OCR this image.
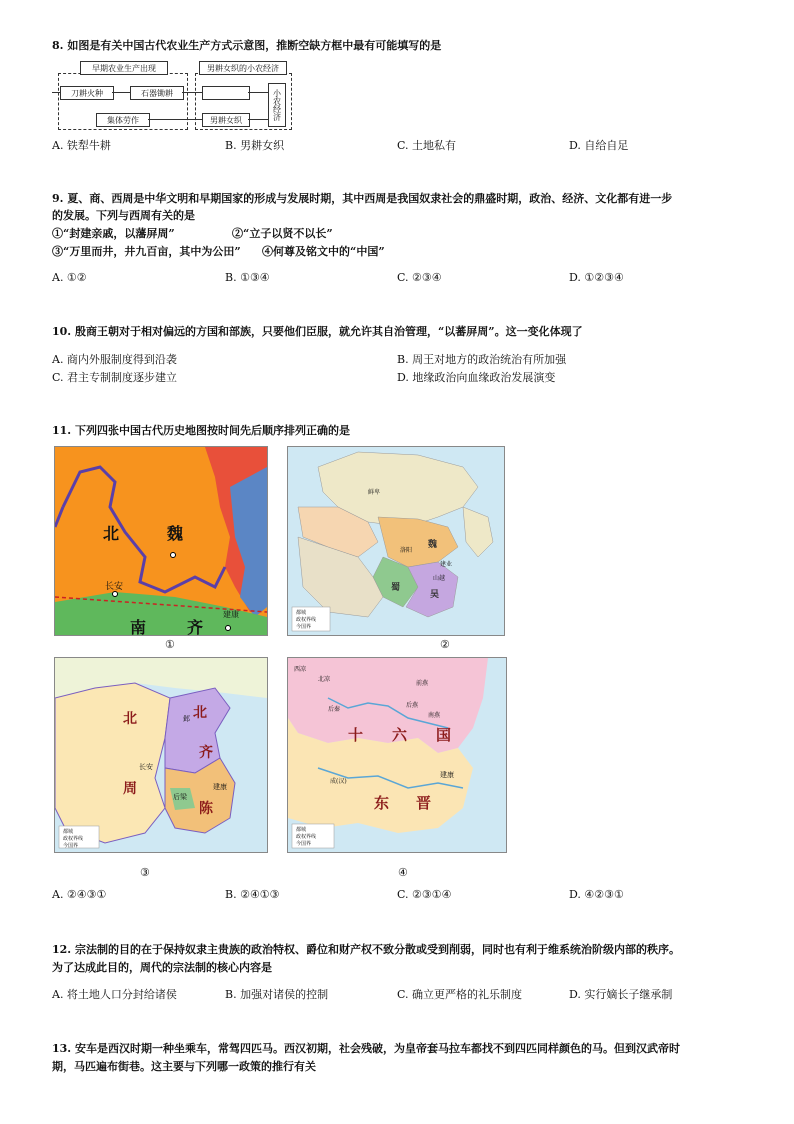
8. 如图是有关中国古代农业生产方式示意图，推断空缺方框中最有可能填写的是
早期农业生产出现
刀耕火种	石器锄耕
集体劳作
男耕女织的小农经济
男耕女织	小农经济
A. 铁犁牛耕	B. 男耕女织	C. 土地私有	D. 自给自足
9. 夏、商、西周是中华文明和早期国家的形成与发展时期，其中西周是我国奴隶社会的鼎盛时期，政治、经济、文化都有进一步
的发展。下列与西周有关的是
①“封建亲戚，以藩屏周”	②“立子以贤不以长”
③“万里而井，井九百亩，其中为公田” ④何尊及铭文中的“中国”
A. ①②	B. ①③④	C. ②③④	D. ①②③④
10. 殷商王朝对于相对偏远的方国和部族，只要他们臣服，就允许其自治管理，“以蕃屏周”。这一变化体现了
A. 商内外服制度得到沿袭	B. 周王对地方的政治统治有所加强
C. 君主专制制度逐步建立	D. 地缘政治向血缘政治发展演变
11. 下列四张中国古代历史地图按时间先后顺序排列正确的是
北	魏
长安
南	齐
建康
①
魏
蜀
吴
山越
建业
鲜卑
洛阳
都城
政权界线
今国界
②
北
周
北
齐
陈
后梁
长安
邺
建康
都城
政权界线
今国界
③
十 六 国
东 晋
建康
西凉
北凉
后秦
前燕
后燕
南燕
成(汉)
都城
政权界线
今国界
④
A. ②④③①	B. ②④①③	C. ②③①④	D. ④②③①
12. 宗法制的目的在于保持奴隶主贵族的政治特权、爵位和财产权不致分散或受到削弱，同时也有利于维系统治阶级内部的秩序。
为了达成此目的，周代的宗法制的核心内容是
A. 将土地人口分封给诸侯	B. 加强对诸侯的控制	C. 确立更严格的礼乐制度	D. 实行嫡长子继承制
13. 安车是西汉时期一种坐乘车，常驾四匹马。西汉初期，社会残破，为皇帝套马拉车都找不到四匹同样颜色的马。但到汉武帝时
期，马匹遍布街巷。这主要与下列哪一政策的推行有关
